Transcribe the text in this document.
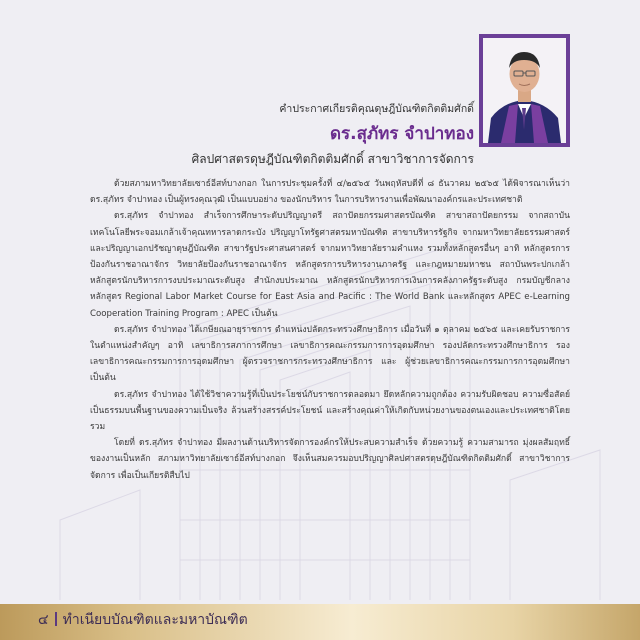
คำประกาศเกียรติคุณดุษฎีบัณฑิตกิตติมศักดิ์

ดร.สุภัทร จำปาทอง

ศิลปศาสตรดุษฎีบัณฑิตกิตติมศักดิ์ สาขาวิชาการจัดการ

ด้วยสภามหาวิทยาลัยเซาธ์อีสท์บางกอก ในการประชุมครั้งที่ ๔/๒๕๖๕ วันพฤหัสบดีที่ ๘ ธันวาคม ๒๕๖๕ ได้พิจารณาเห็นว่า ดร.สุภัทร จำปาทอง เป็นผู้ทรงคุณวุฒิ เป็นแบบอย่าง ของนักบริหาร ในการบริหารงานเพื่อพัฒนาองค์กรและประเทศชาติ

ดร.สุภัทร จำปาทอง สำเร็จการศึกษาระดับปริญญาตรี สถาปัตยกรรมศาสตรบัณฑิต สาขาสถาปัตยกรรม จากสถาบันเทคโนโลยีพระจอมเกล้าเจ้าคุณทหารลาดกระบัง ปริญญาโทรัฐศาสตรมหาบัณฑิต สาขาบริหารรัฐกิจ จากมหาวิทยาลัยธรรมศาสตร์ และปริญญาเอกปรัชญาดุษฎีบัณฑิต สาขารัฐประศาสนศาสตร์ จากมหาวิทยาลัยรามคำแหง รวมทั้งหลักสูตรอื่นๆ อาทิ หลักสูตรการป้องกันราชอาณาจักร วิทยาลัยป้องกันราชอาณาจักร หลักสูตรการบริหารงานภาครัฐ และกฎหมายมหาชน สถาบันพระปกเกล้า หลักสูตรนักบริหารการงบประมาณระดับสูง สำนักงบประมาณ หลักสูตรนักบริหารการเงินการคลังภาครัฐระดับสูง กรมบัญชีกลาง หลักสูตร Regional Labor Market Course for East Asia and Pacific : The World Bank และหลักสูตร APEC e-Learning Cooperation Training Program : APEC เป็นต้น

ดร.สุภัทร จำปาทอง ได้เกษียณอายุราชการ ตำแหน่งปลัดกระทรวงศึกษาธิการ เมื่อวันที่ ๑ ตุลาคม ๒๕๖๕ และเคยรับราชการในตำแหน่งสำคัญๆ อาทิ เลขาธิการสภาการศึกษา เลขาธิการคณะกรรมการการอุดมศึกษา รองปลัดกระทรวงศึกษาธิการ รองเลขาธิการคณะกรรมการการอุดมศึกษา ผู้ตรวจราชการกระทรวงศึกษาธิการ และ ผู้ช่วยเลขาธิการคณะกรรมการการอุดมศึกษา เป็นต้น

ดร.สุภัทร จำปาทอง ได้ใช้วิชาความรู้ที่เป็นประโยชน์กับราชการตลอดมา ยึดหลักความถูกต้อง ความรับผิดชอบ ความซื่อสัตย์ เป็นธรรมบนพื้นฐานของความเป็นจริง ล้วนสร้างสรรค์ประโยชน์ และสร้างคุณค่าให้เกิดกับหน่วยงานของตนเองและประเทศชาติโดยรวม

โดยที่ ดร.สุภัทร จำปาทอง มีผลงานด้านบริหารจัดการองค์กรให้ประสบความสำเร็จ ด้วยความรู้ ความสามารถ มุ่งผลสัมฤทธิ์ของงานเป็นหลัก สภามหาวิทยาลัยเซาธ์อีสท์บางกอก จึงเห็นสมควรมอบปริญญาศิลปศาสตรดุษฎีบัณฑิตกิตติมศักดิ์ สาขาวิชาการจัดการ เพื่อเป็นเกียรติสืบไป

๔ ทำเนียบบัณฑิตและมหาบัณฑิต
